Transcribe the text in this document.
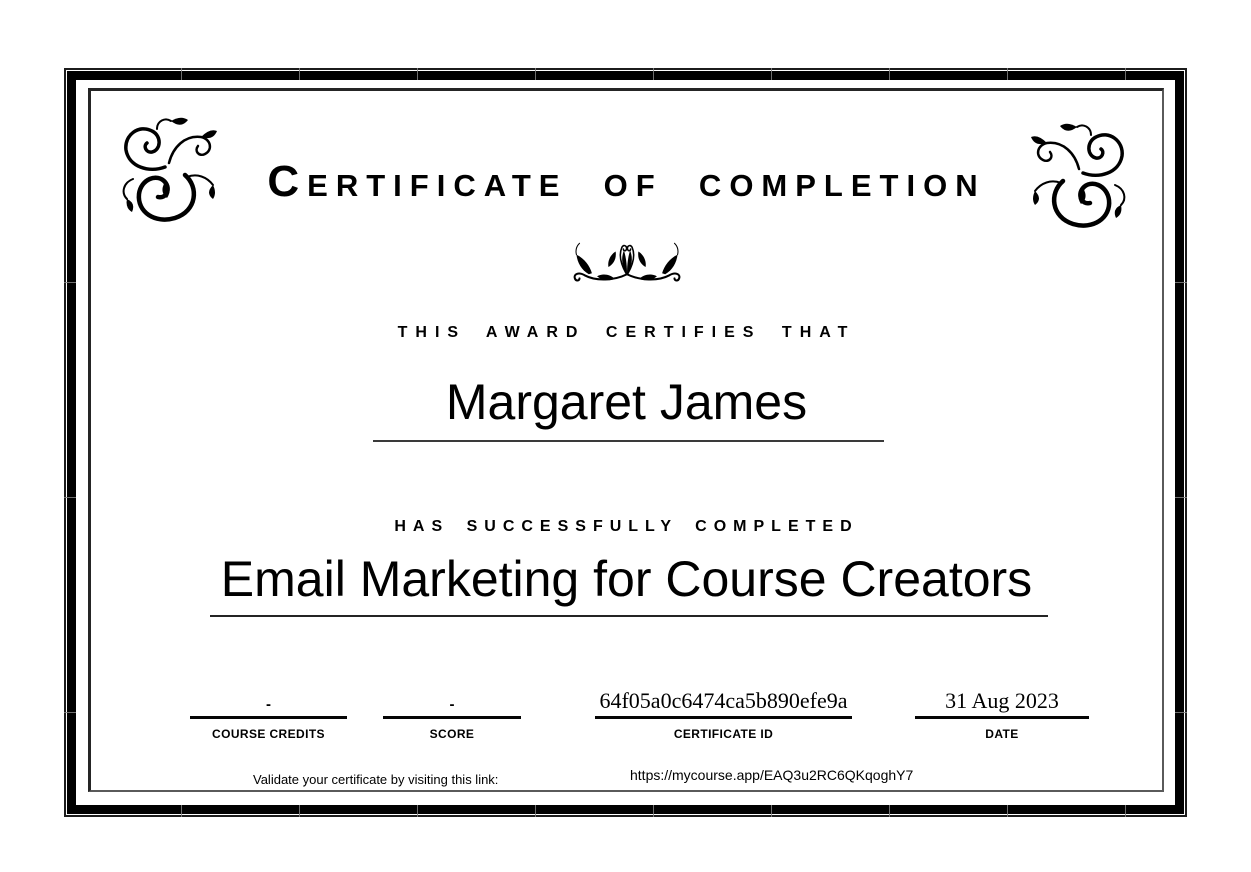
Certificate of completion
THIS AWARD CERTIFIES THAT
Margaret James
HAS SUCCESSFULLY COMPLETED
Email Marketing for Course Creators
-
COURSE CREDITS
-
SCORE
64f05a0c6474ca5b890efe9a
CERTIFICATE ID
31 Aug 2023
DATE
Validate your certificate by visiting this link:	https://mycourse.app/EAQ3u2RC6QKqoghY7
